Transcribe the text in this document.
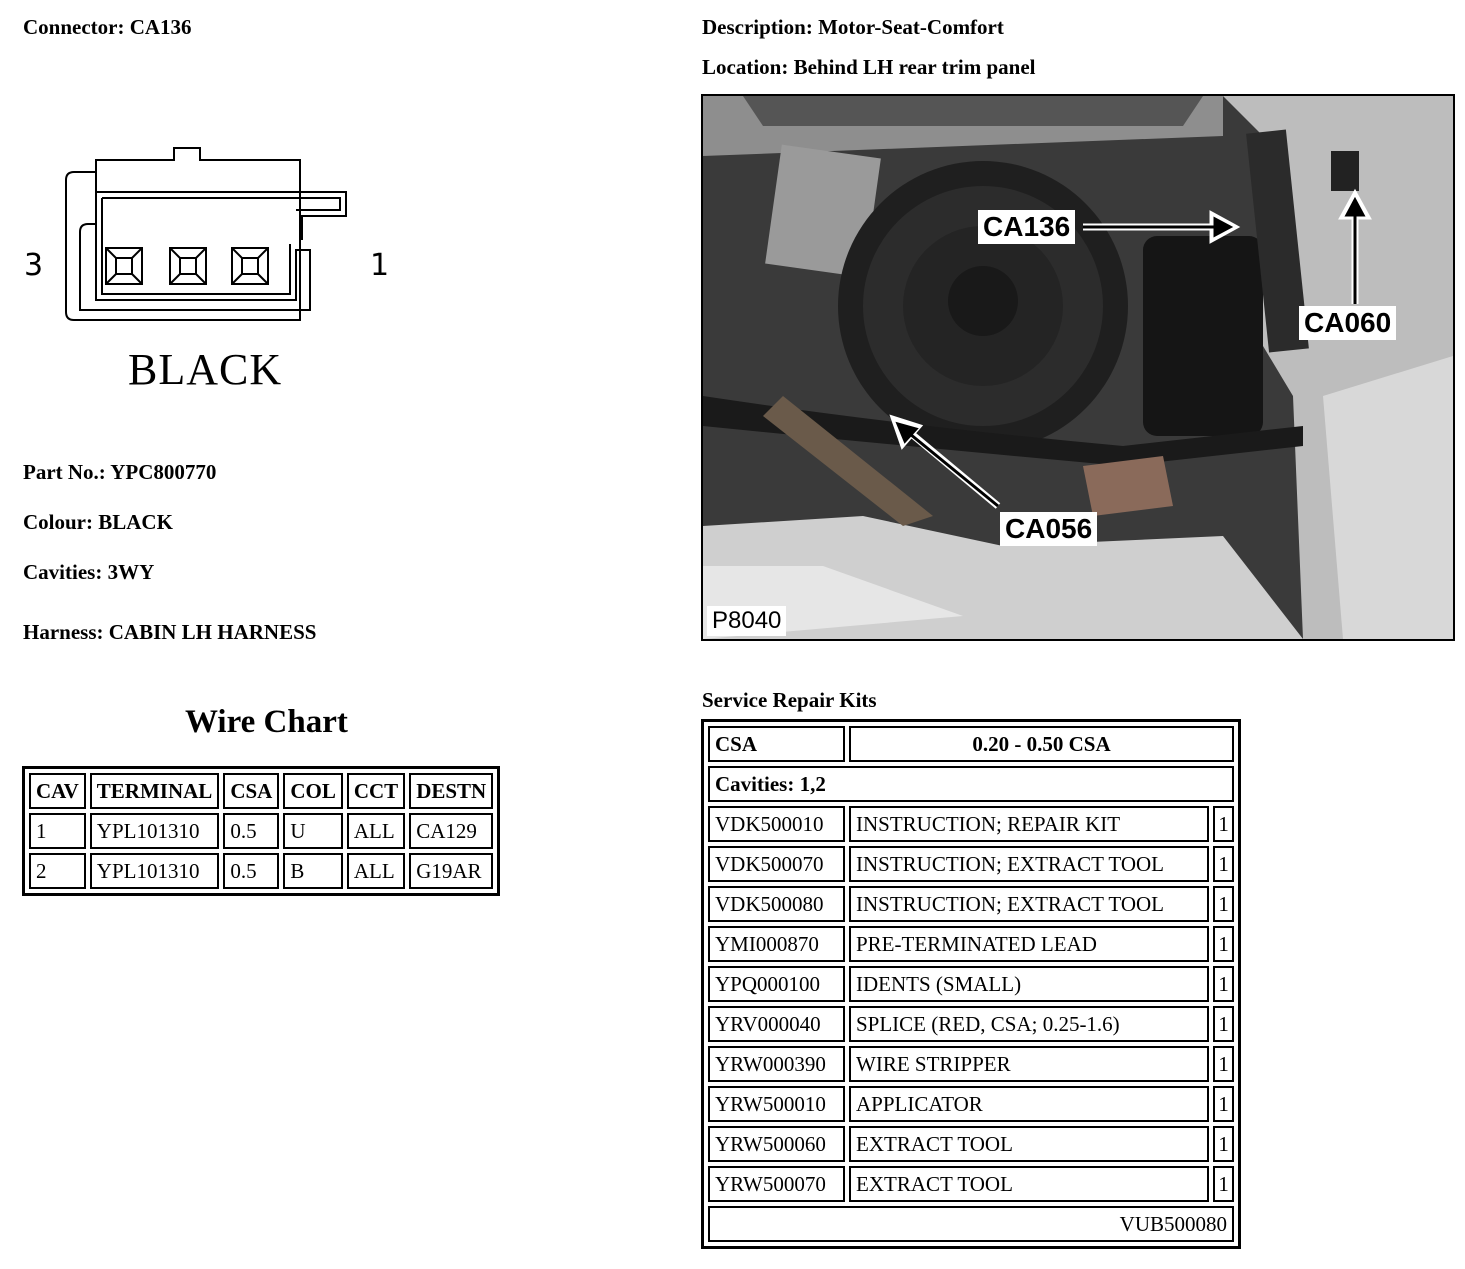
Connector: CA136	Description: Motor-Seat-Comfort
Location: Behind LH rear trim panel
3	1
BLACK
Part No.: YPC800770
Colour: BLACK
Cavities: 3WY
Harness: CABIN LH HARNESS
Wire Chart
CAV	TERMINAL	CSA	COL	CCT	DESTN
1	YPL101310	0.5	U	ALL	CA129
2	YPL101310	0.5	B	ALL	G19AR
CA136
CA060
CA056
P8040
Service Repair Kits
CSA	0.20 - 0.50 CSA	
Cavities: 1,2		
VDK500010	INSTRUCTION; REPAIR KIT	1
VDK500070	INSTRUCTION; EXTRACT TOOL	1
VDK500080	INSTRUCTION; EXTRACT TOOL	1
YMI000870	PRE-TERMINATED LEAD	1
YPQ000100	IDENTS (SMALL)	1
YRV000040	SPLICE (RED, CSA; 0.25-1.6)	1
YRW000390	WIRE STRIPPER	1
YRW500010	APPLICATOR	1
YRW500060	EXTRACT TOOL	1
YRW500070	EXTRACT TOOL	1
VUB500080		
